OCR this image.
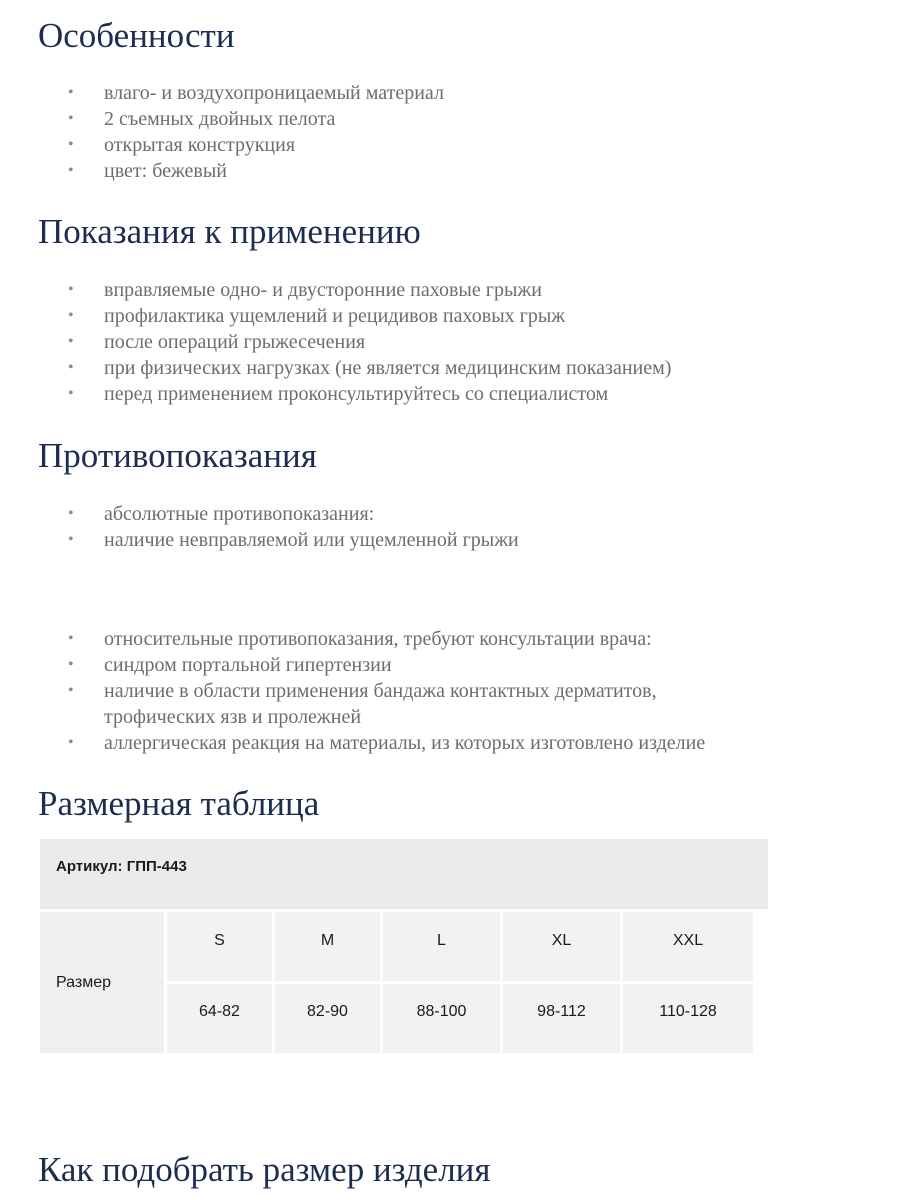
Особенности
• влаго- и воздухопроницаемый материал
• 2 съемных двойных пелота
• открытая конструкция
• цвет: бежевый
Показания к применению
• вправляемые одно- и двусторонние паховые грыжи
• профилактика ущемлений и рецидивов паховых грыж
• после операций грыжесечения
• при физических нагрузках (не является медицинским показанием)
• перед применением проконсультируйтесь со специалистом
Противопоказания
• абсолютные противопоказания:
• наличие невправляемой или ущемленной грыжи
• относительные противопоказания, требуют консультации врача:
• синдром портальной гипертензии
• наличие в области применения бандажа контактных дерматитов,
трофических язв и пролежней
• аллергическая реакция на материалы, из которых изготовлено изделие
Размерная таблица
Артикул: ГПП-443
Размер
S	M	L	XL	XXL
64-82	82-90	88-100	98-112	110-128
Как подобрать размер изделия
